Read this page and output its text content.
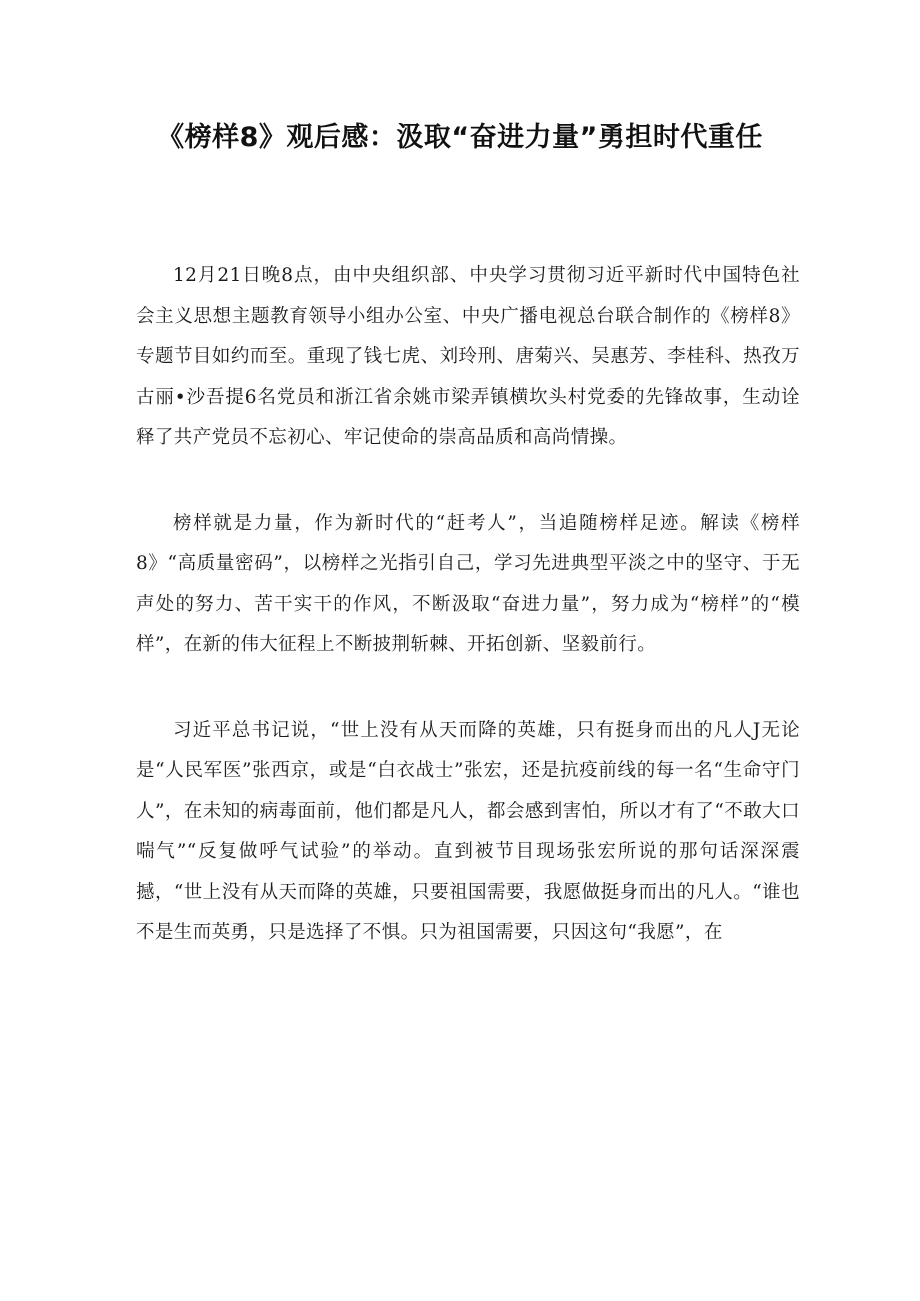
《榜样8》观后感：汲取“奋进力量”勇担时代重任

12月21日晚8点，由中央组织部、中央学习贯彻习近平新时代中国特色社会主义思想主题教育领导小组办公室、中央广播电视总台联合制作的《榜样8》专题节目如约而至。重现了钱七虎、刘玲刑、唐菊兴、吴惠芳、李桂科、热孜万古丽•沙吾提6名党员和浙江省余姚市梁弄镇横坎头村党委的先锋故事，生动诠释了共产党员不忘初心、牢记使命的崇高品质和高尚情操。

榜样就是力量，作为新时代的“赶考人”，当追随榜样足迹。解读《榜样8》“高质量密码”，以榜样之光指引自己，学习先进典型平淡之中的坚守、于无声处的努力、苦干实干的作风，不断汲取“奋进力量”，努力成为“榜样”的“模样”，在新的伟大征程上不断披荆斩棘、开拓创新、坚毅前行。

习近平总书记说，“世上没有从天而降的英雄，只有挺身而出的凡人J无论是“人民军医”张西京，或是“白衣战士”张宏，还是抗疫前线的每一名“生命守门人”，在未知的病毒面前，他们都是凡人，都会感到害怕，所以才有了“不敢大口喘气”“反复做呼气试验”的举动。直到被节目现场张宏所说的那句话深深震撼，“世上没有从天而降的英雄，只要祖国需要，我愿做挺身而出的凡人。“谁也不是生而英勇，只是选择了不惧。只为祖国需要，只因这句“我愿”，在
